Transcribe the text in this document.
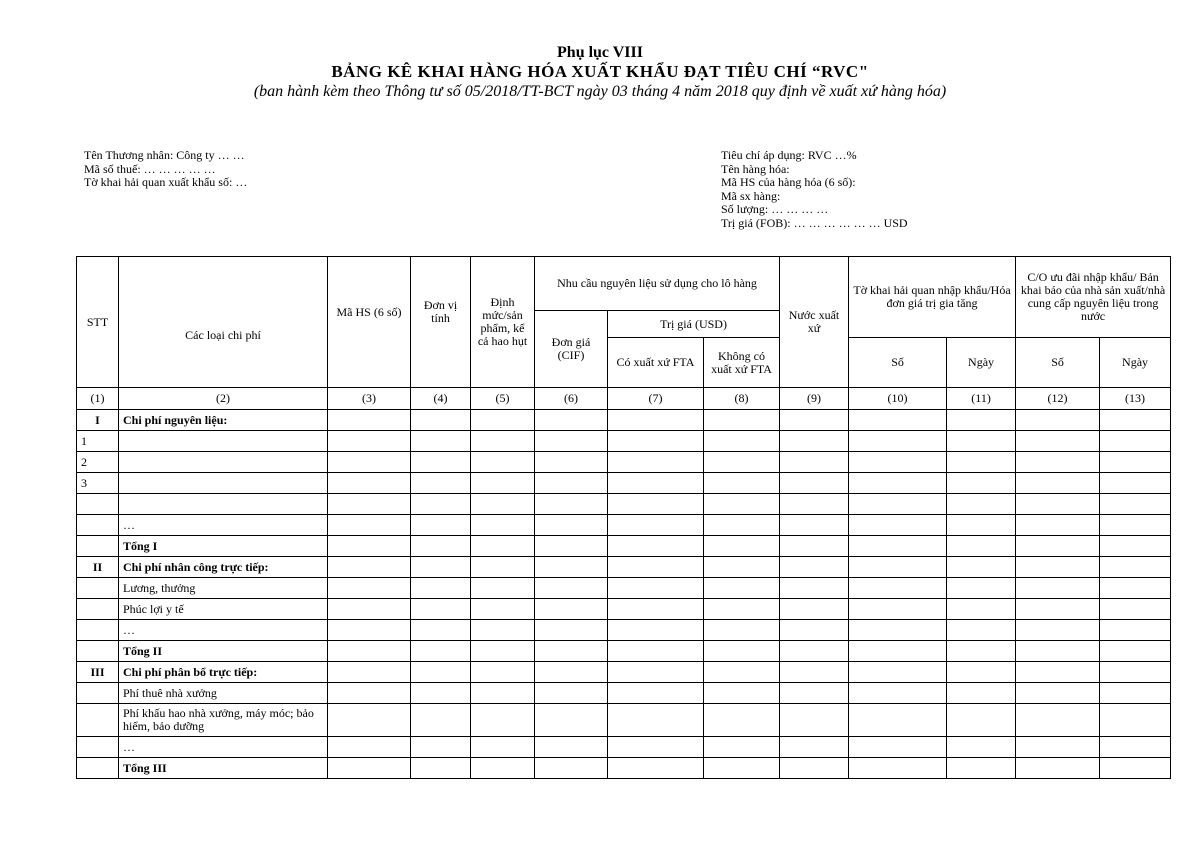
Phụ lục VIII
BẢNG KÊ KHAI HÀNG HÓA XUẤT KHẨU ĐẠT TIÊU CHÍ “RVC"
(ban hành kèm theo Thông tư số 05/2018/TT-BCT ngày 03 tháng 4 năm 2018 quy định về xuất xứ hàng hóa)
Tên Thương nhân: Công ty … …
Mã số thuế: … … … … …
Tờ khai hải quan xuất khẩu số: …
Tiêu chí áp dụng: RVC …%
Tên hàng hóa:
Mã HS của hàng hóa (6 số):
Mã sx hàng:
Số lượng: … … … …
Trị giá (FOB): … … … … … … USD
STT	Các loại chi phí	Mã HS (6 số)	Đơn vị tính	Định mức/sản phẩm, kể cả hao hụt	Nhu cầu nguyên liệu sử dụng cho lô hàng			Nước xuất xứ	Tờ khai hải quan nhập khẩu/Hóa đơn giá trị gia tăng		C/O ưu đãi nhập khẩu/ Bản khai báo của nhà sản xuất/nhà cung cấp nguyên liệu trong nước	
					Đơn giá (CIF)	Trị giá (USD)						
						Có xuất xứ FTA	Không có xuất xứ FTA		Số	Ngày	Số	Ngày
(1)	(2)	(3)	(4)	(5)	(6)	(7)	(8)	(9)	(10)	(11)	(12)	(13)
I	Chi phí nguyên liệu:											
1												
2												
3												

	…											
	Tổng I											
II	Chi phí nhân công trực tiếp:											
	Lương, thưởng											
	Phúc lợi y tế											
	…											
	Tổng II											
III	Chi phí phân bổ trực tiếp:											
	Phí thuê nhà xưởng											
	Phí khấu hao nhà xưởng, máy móc; bảo hiểm, bảo dưỡng											
	…											
	Tổng III											
